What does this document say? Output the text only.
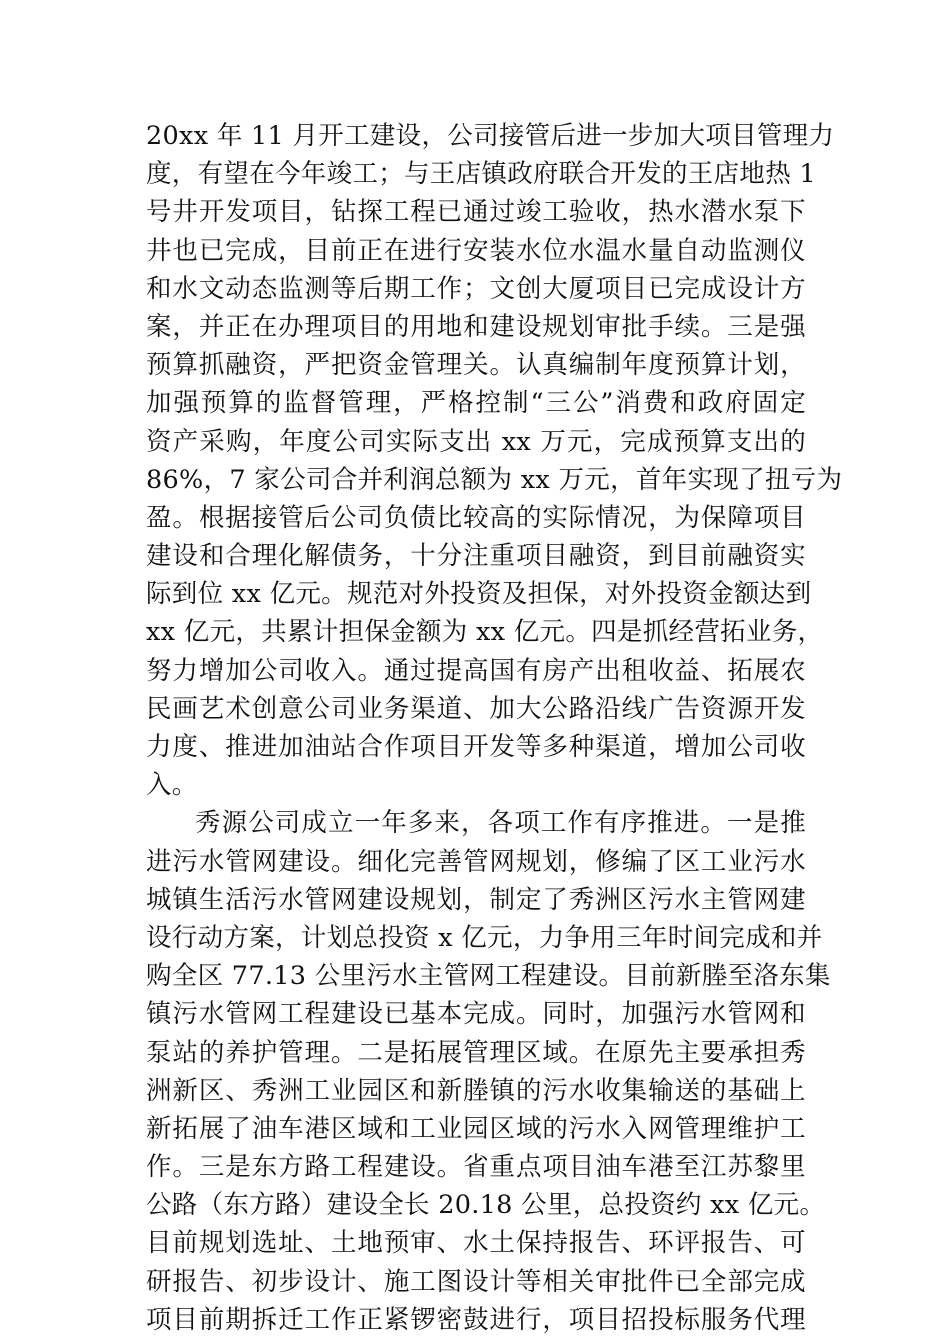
20xx 年 11 月开工建设，公司接管后进一步加大项目管理力
度，有望在今年竣工；与王店镇政府联合开发的王店地热 1
号井开发项目，钻探工程已通过竣工验收，热水潜水泵下
井也已完成，目前正在进行安装水位水温水量自动监测仪
和水文动态监测等后期工作；文创大厦项目已完成设计方
案，并正在办理项目的用地和建设规划审批手续。三是强
预算抓融资，严把资金管理关。认真编制年度预算计划，
加强预算的监督管理，严格控制“三公”消费和政府固定
资产采购，年度公司实际支出 xx 万元，完成预算支出的
86%，7 家公司合并利润总额为 xx 万元，首年实现了扭亏为
盈。根据接管后公司负债比较高的实际情况，为保障项目
建设和合理化解债务，十分注重项目融资，到目前融资实
际到位 xx 亿元。规范对外投资及担保，对外投资金额达到
xx 亿元，共累计担保金额为 xx 亿元。四是抓经营拓业务，
努力增加公司收入。通过提高国有房产出租收益、拓展农
民画艺术创意公司业务渠道、加大公路沿线广告资源开发
力度、推进加油站合作项目开发等多种渠道，增加公司收
入。
秀源公司成立一年多来，各项工作有序推进。一是推
进污水管网建设。细化完善管网规划，修编了区工业污水
城镇生活污水管网建设规划，制定了秀洲区污水主管网建
设行动方案，计划总投资 x 亿元，力争用三年时间完成和并
购全区 77.13 公里污水主管网工程建设。目前新塍至洛东集
镇污水管网工程建设已基本完成。同时，加强污水管网和
泵站的养护管理。二是拓展管理区域。在原先主要承担秀
洲新区、秀洲工业园区和新塍镇的污水收集输送的基础上
新拓展了油车港区域和工业园区域的污水入网管理维护工
作。三是东方路工程建设。省重点项目油车港至江苏黎里
公路（东方路）建设全长 20.18 公里，总投资约 xx 亿元。
目前规划选址、土地预审、水土保持报告、环评报告、可
研报告、初步设计、施工图设计等相关审批件已全部完成
项目前期拆迁工作正紧锣密鼓进行，项目招投标服务代理
